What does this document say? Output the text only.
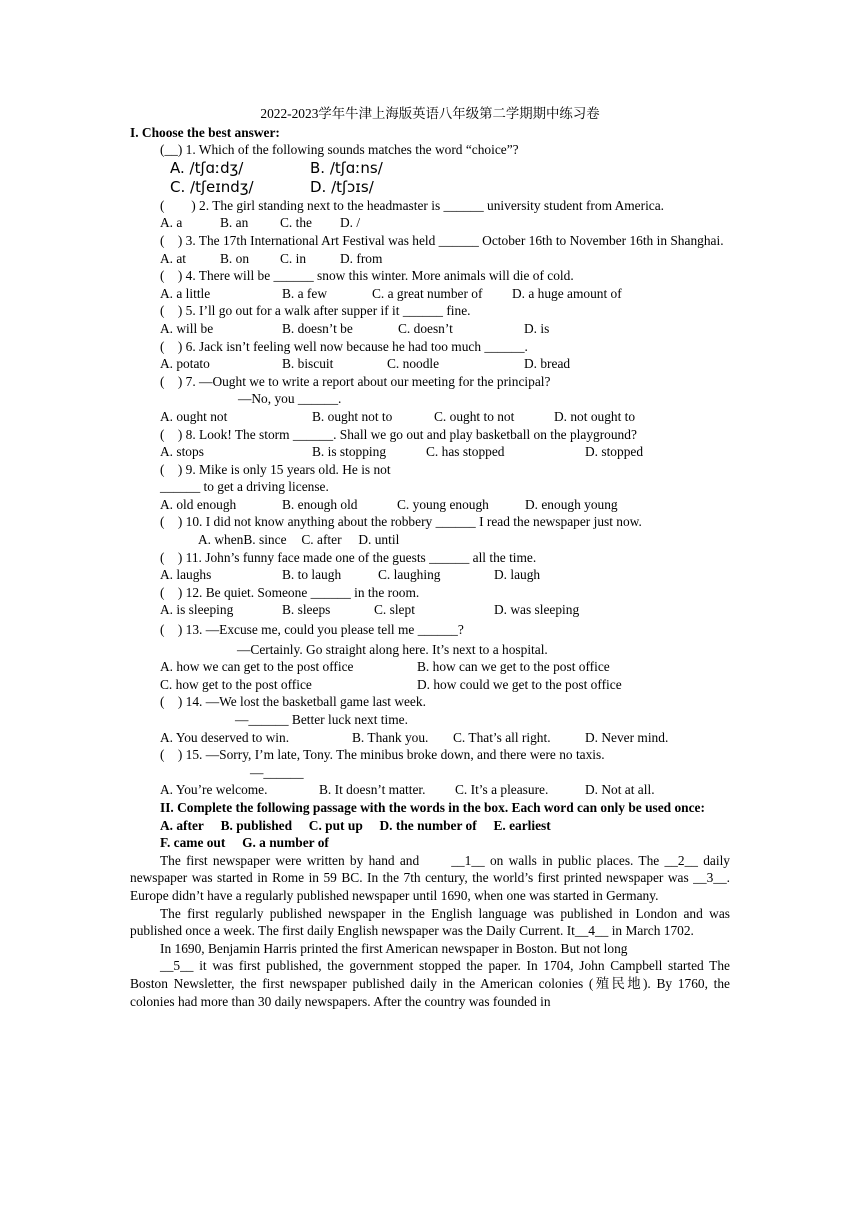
2022-2023学年牛津上海版英语八年级第二学期期中练习卷
I. Choose the best answer:
(__) 1. Which of the following sounds matches the word “choice”?
A. /tʃɑːdʒ/	B. /tʃɑːns/
C. /tʃeɪndʒ/	D. /tʃɔɪs/
(  ) 2. The girl standing next to the headmaster is ______ university student from America.
A. a	B. an C. the D. /
( ) 3. The 17th International Art Festival was held ______ October 16th to November 16th in Shanghai.
A. at	B. on C. in	D. from
( ) 4. There will be ______ snow this winter. More animals will die of cold.
A. a little	B. a few	C. a great number of D. a huge amount of
( ) 5. I’ll go out for a walk after supper if it ______ fine.
A. will be	B. doesn’t be	C. doesn’t	D. is
( ) 6. Jack isn’t feeling well now because he had too much ______.
A. potato	B. biscuit	C. noodle	D. bread
( ) 7. —Ought we to write a report about our meeting for the principal?
—No, you ______.
A. ought not	B. ought not to	C. ought to not	D. not ought to
( ) 8. Look! The storm ______. Shall we go out and play basketball on the playground?
A. stops	B. is stopping	C. has stopped	D. stopped
( ) 9. Mike is only 15 years old. He is not
______ to get a driving license.
A. old enough	B. enough old	C. young enough	D. enough young
( ) 10. I did not know anything about the robbery ______ I read the newspaper just now.
A. whenB. since C. after D. until
( ) 11. John’s funny face made one of the guests ______ all the time.
A. laughs	B. to laugh	C. laughing	D. laugh
( ) 12. Be quiet. Someone ______ in the room.
A. is sleeping	B. sleeps	C. slept	D. was sleeping
( ) 13. —Excuse me, could you please tell me ______?
—Certainly. Go straight along here. It’s next to a hospital.
A. how we can get to the post office	B. how can we get to the post office
C. how get to the post office	D. how could we get to the post office
( ) 14. —We lost the basketball game last week.
—______ Better luck next time.
A. You deserved to win.	B. Thank you. C. That’s all right.	D. Never mind.
( ) 15. —Sorry, I’m late, Tony. The minibus broke down, and there were no taxis.
—______
A. You’re welcome.	B. It doesn’t matter. C. It’s a pleasure.	D. Not at all.
II. Complete the following passage with the words in the box. Each word can only be used once:
A. after  B. published  C. put up  D. the number of  E. earliest
F. came out  G. a number of
The first newspaper were written by hand and   __1__ on walls in public places. The __2__ daily newspaper was started in Rome in 59 BC. In the 7th century, the world’s first printed newspaper was __3__. Europe didn’t have a regularly published newspaper until 1690, when one was started in Germany.
The first regularly published newspaper in the English language was published in London and was published once a week. The first daily English newspaper was the Daily Current. It__4__ in March 1702.
In 1690, Benjamin Harris printed the first American newspaper in Boston. But not long
__5__ it was first published, the government stopped the paper. In 1704, John Campbell started The Boston Newsletter, the first newspaper published daily in the American colonies (殖民地). By 1760, the colonies had more than 30 daily newspapers. After the country was founded in
